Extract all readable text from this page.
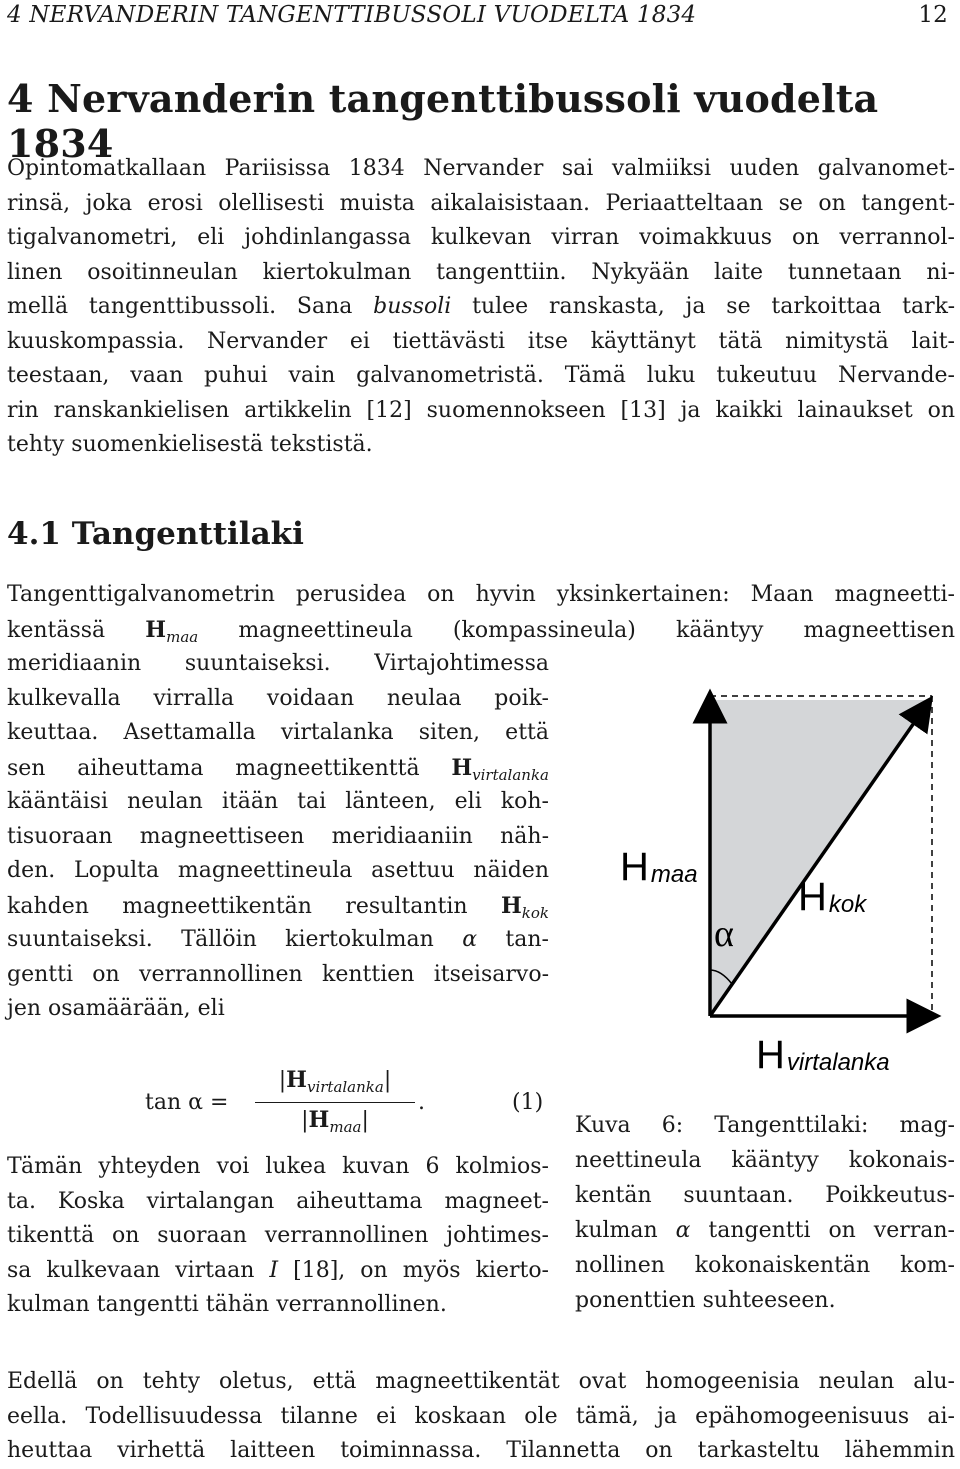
4 NERVANDERIN TANGENTTIBUSSOLI VUODELTA 1834	12
4 Nervanderin tangenttibussoli vuodelta 1834
Opintomatkallaan Pariisissa 1834 Nervander sai valmiiksi uuden galvanomet-
rinsä, joka erosi olellisesti muista aikalaisistaan. Periaatteltaan se on tangent-
tigalvanometri, eli johdinlangassa kulkevan virran voimakkuus on verrannol-
linen osoitinneulan kiertokulman tangenttiin. Nykyään laite tunnetaan ni-
mellä tangenttibussoli. Sana bussoli tulee ranskasta, ja se tarkoittaa tark-
kuuskompassia. Nervander ei tiettävästi itse käyttänyt tätä nimitystä lait-
teestaan, vaan puhui vain galvanometristä. Tämä luku tukeutuu Nervande-
rin ranskankielisen artikkelin [12] suomennokseen [13] ja kaikki lainaukset on
tehty suomenkielisestä tekstistä.
4.1 Tangenttilaki
Tangenttigalvanometrin perusidea on hyvin yksinkertainen: Maan magneetti-
kentässä $H_{maa}$ magneettineula (kompassineula) kääntyy magneettisen
meridiaanin suuntaiseksi. Virtajohtimessa
kulkevalla virralla voidaan neulaa poik-
keuttaa. Asettamalla virtalanka siten, että
sen aiheuttama magneettikenttä $H_{virtalanka}$
kääntäisi neulan itään tai länteen, eli koh-
tisuoraan magneettiseen meridiaaniin näh-
den. Lopulta magneettineula asettuu näiden
kahden magneettikentän resultantin $H_{kok}$
suuntaiseksi. Tällöin kiertokulman α tan-
gentti on verrannollinen kenttien itseisarvo-
jen osamäärään, eli
tan α =
$|H_{virtalanka}|$
$|H_{maa}|$
.	(1)
Tämän yhteyden voi lukea kuvan 6 kolmios-
ta. Koska virtalangan aiheuttama magneet-
tikenttä on suoraan verrannollinen johtimes-
sa kulkevaan virtaan I [18], on myös kierto-
kulman tangentti tähän verrannollinen.
Hmaa
α
Hkok
Hvirtalanka
Kuva 6: Tangenttilaki: mag-
neettineula kääntyy kokonais-
kentän suuntaan. Poikkeutus-
kulman α tangentti on verran-
nollinen kokonaiskentän kom-
ponenttien suhteeseen.
Edellä on tehty oletus, että magneettikentät ovat homogeenisia neulan alu-
eella. Todellisuudessa tilanne ei koskaan ole tämä, ja epähomogeenisuus ai-
heuttaa virhettä laitteen toiminnassa. Tilannetta on tarkasteltu lähemmin
